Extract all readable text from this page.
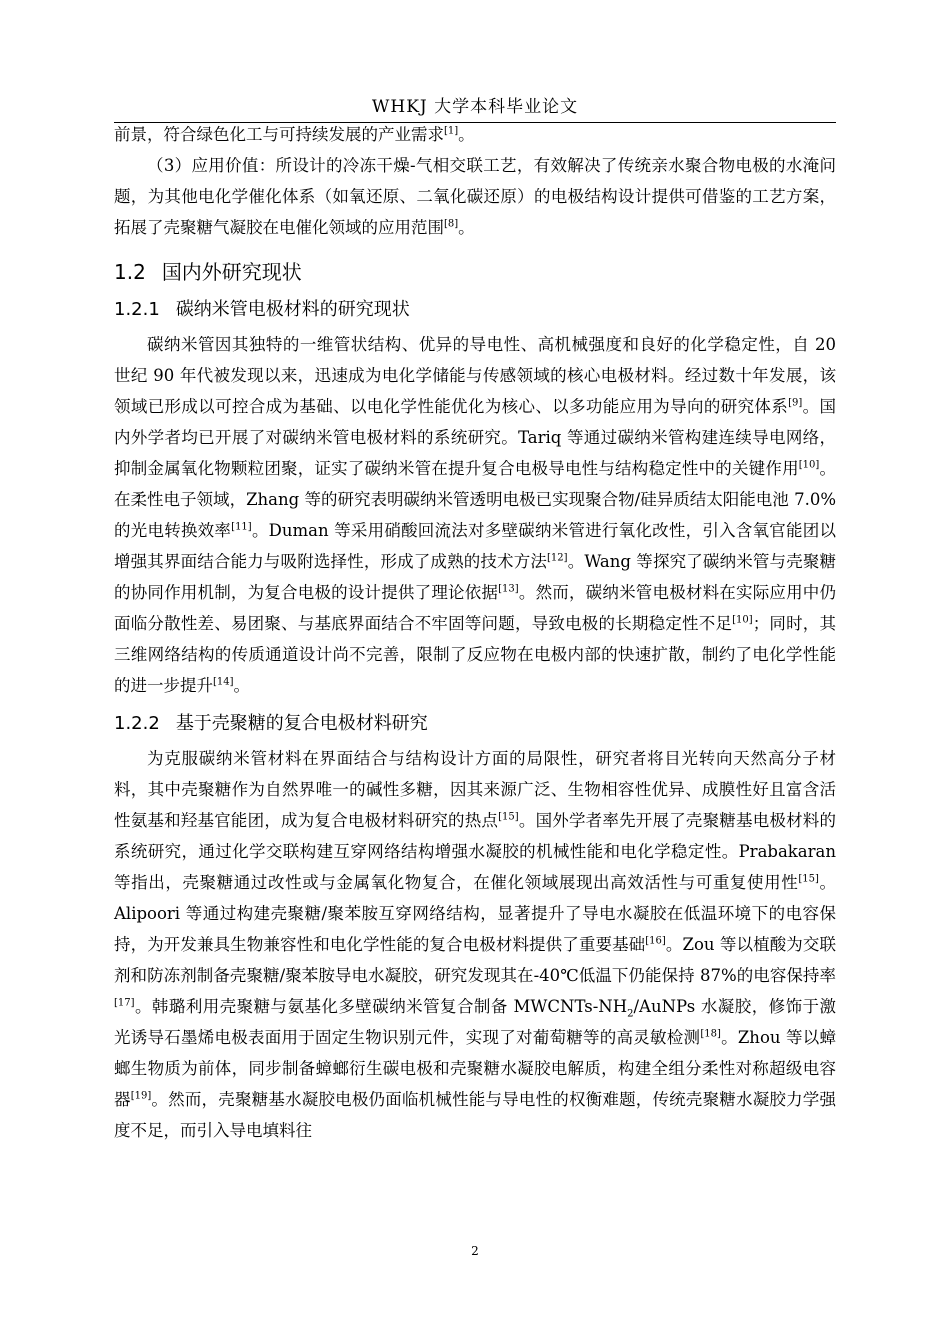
WHKJ 大学本科毕业论文

前景，符合绿色化工与可持续发展的产业需求[1]。

（3）应用价值：所设计的冷冻干燥-气相交联工艺，有效解决了传统亲水聚合物电极的水淹问题，为其他电化学催化体系（如氧还原、二氧化碳还原）的电极结构设计提供可借鉴的工艺方案，拓展了壳聚糖气凝胶在电催化领域的应用范围[8]。

1.2 国内外研究现状
1.2.1 碳纳米管电极材料的研究现状

碳纳米管因其独特的一维管状结构、优异的导电性、高机械强度和良好的化学稳定性，自 20 世纪 90 年代被发现以来，迅速成为电化学储能与传感领域的核心电极材料。经过数十年发展，该领域已形成以可控合成为基础、以电化学性能优化为核心、以多功能应用为导向的研究体系[9]。国内外学者均已开展了对碳纳米管电极材料的系统研究。Tariq 等通过碳纳米管构建连续导电网络，抑制金属氧化物颗粒团聚，证实了碳纳米管在提升复合电极导电性与结构稳定性中的关键作用[10]。在柔性电子领域，Zhang 等的研究表明碳纳米管透明电极已实现聚合物/硅异质结太阳能电池 7.0%的光电转换效率[11]。Duman 等采用硝酸回流法对多壁碳纳米管进行氧化改性，引入含氧官能团以增强其界面结合能力与吸附选择性，形成了成熟的技术方法[12]。Wang 等探究了碳纳米管与壳聚糖的协同作用机制，为复合电极的设计提供了理论依据[13]。然而，碳纳米管电极材料在实际应用中仍面临分散性差、易团聚、与基底界面结合不牢固等问题，导致电极的长期稳定性不足[10]；同时，其三维网络结构的传质通道设计尚不完善，限制了反应物在电极内部的快速扩散，制约了电化学性能的进一步提升[14]。

1.2.2 基于壳聚糖的复合电极材料研究

为克服碳纳米管材料在界面结合与结构设计方面的局限性，研究者将目光转向天然高分子材料，其中壳聚糖作为自然界唯一的碱性多糖，因其来源广泛、生物相容性优异、成膜性好且富含活性氨基和羟基官能团，成为复合电极材料研究的热点[15]。国外学者率先开展了壳聚糖基电极材料的系统研究，通过化学交联构建互穿网络结构增强水凝胶的机械性能和电化学稳定性。Prabakaran 等指出，壳聚糖通过改性或与金属氧化物复合，在催化领域展现出高效活性与可重复使用性[15]。Alipoori 等通过构建壳聚糖/聚苯胺互穿网络结构，显著提升了导电水凝胶在低温环境下的电容保持，为开发兼具生物兼容性和电化学性能的复合电极材料提供了重要基础[16]。Zou 等以植酸为交联剂和防冻剂制备壳聚糖/聚苯胺导电水凝胶，研究发现其在-40℃低温下仍能保持 87%的电容保持率[17]。韩璐利用壳聚糖与氨基化多壁碳纳米管复合制备 MWCNTs-$NH_2$/AuNPs 水凝胶，修饰于激光诱导石墨烯电极表面用于固定生物识别元件，实现了对葡萄糖等的高灵敏检测[18]。Zhou 等以蟑螂生物质为前体，同步制备蟑螂衍生碳电极和壳聚糖水凝胶电解质，构建全组分柔性对称超级电容器[19]。然而，壳聚糖基水凝胶电极仍面临机械性能与导电性的权衡难题，传统壳聚糖水凝胶力学强度不足，而引入导电填料往

2
